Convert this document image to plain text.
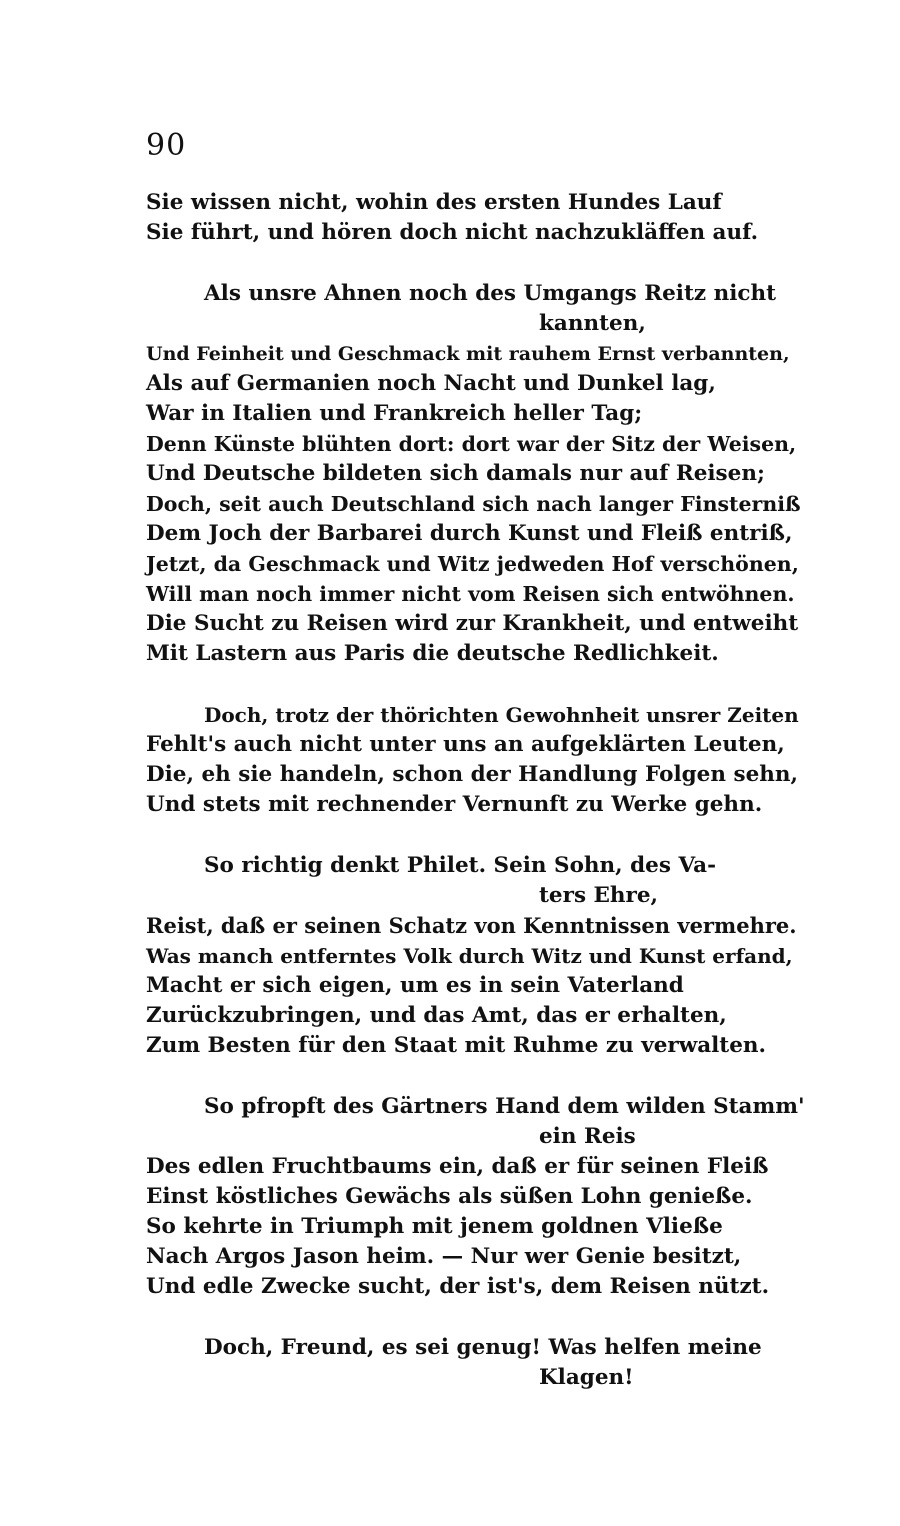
90
Sie wissen nicht, wohin des ersten Hundes Lauf
Sie führt, und hören doch nicht nachzukläffen auf.
Als unsre Ahnen noch des Umgangs Reitz nicht
kannten,
Und Feinheit und Geschmack mit rauhem Ernst verbannten,
Als auf Germanien noch Nacht und Dunkel lag,
War in Italien und Frankreich heller Tag;
Denn Künste blühten dort: dort war der Sitz der Weisen,
Und Deutsche bildeten sich damals nur auf Reisen;
Doch, seit auch Deutschland sich nach langer Finsterniß
Dem Joch der Barbarei durch Kunst und Fleiß entriß,
Jetzt, da Geschmack und Witz jedweden Hof verschönen,
Will man noch immer nicht vom Reisen sich entwöhnen.
Die Sucht zu Reisen wird zur Krankheit, und entweiht
Mit Lastern aus Paris die deutsche Redlichkeit.
Doch, trotz der thörichten Gewohnheit unsrer Zeiten
Fehlt's auch nicht unter uns an aufgeklärten Leuten,
Die, eh sie handeln, schon der Handlung Folgen sehn,
Und stets mit rechnender Vernunft zu Werke gehn.
So richtig denkt Philet. Sein Sohn, des Va-
ters Ehre,
Reist, daß er seinen Schatz von Kenntnissen vermehre.
Was manch entferntes Volk durch Witz und Kunst erfand,
Macht er sich eigen, um es in sein Vaterland
Zurückzubringen, und das Amt, das er erhalten,
Zum Besten für den Staat mit Ruhme zu verwalten.
So pfropft des Gärtners Hand dem wilden Stamm'
ein Reis
Des edlen Fruchtbaums ein, daß er für seinen Fleiß
Einst köstliches Gewächs als süßen Lohn genieße.
So kehrte in Triumph mit jenem goldnen Vließe
Nach Argos Jason heim. — Nur wer Genie besitzt,
Und edle Zwecke sucht, der ist's, dem Reisen nützt.
Doch, Freund, es sei genug! Was helfen meine
Klagen!
